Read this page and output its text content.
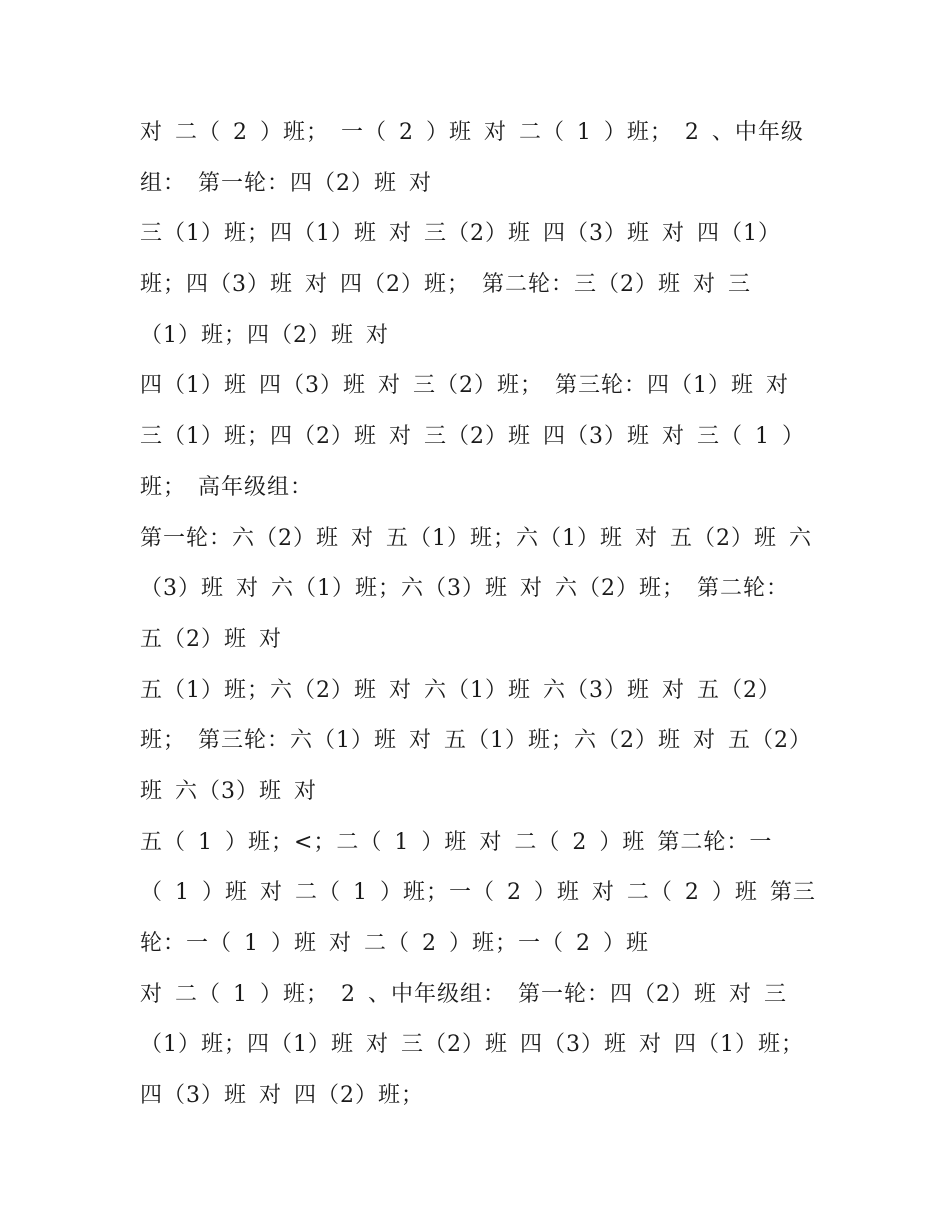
对 二（ 2 ）班； 一（ 2 ）班 对 二（ 1 ）班； 2 、中年级
组： 第一轮：四（2）班 对
三（1）班；四（1）班 对 三（2）班 四（3）班 对 四（1）
班；四（3）班 对 四（2）班； 第二轮：三（2）班 对 三
（1）班；四（2）班 对
四（1）班 四（3）班 对 三（2）班； 第三轮：四（1）班 对
三（1）班；四（2）班 对 三（2）班 四（3）班 对 三（ 1 ）
班； 高年级组：
第一轮：六（2）班 对 五（1）班；六（1）班 对 五（2）班 六
（3）班 对 六（1）班；六（3）班 对 六（2）班； 第二轮：
五（2）班 对
五（1）班；六（2）班 对 六（1）班 六（3）班 对 五（2）
班； 第三轮：六（1）班 对 五（1）班；六（2）班 对 五（2）
班 六（3）班 对
五（ 1 ）班；<；二（ 1 ）班 对 二（ 2 ）班 第二轮：一
（ 1 ）班 对 二（ 1 ）班；一（ 2 ）班 对 二（ 2 ）班 第三
轮：一（ 1 ）班 对 二（ 2 ）班；一（ 2 ）班
对 二（ 1 ）班； 2 、中年级组： 第一轮：四（2）班 对 三
（1）班；四（1）班 对 三（2）班 四（3）班 对 四（1）班；
四（3）班 对 四（2）班；
